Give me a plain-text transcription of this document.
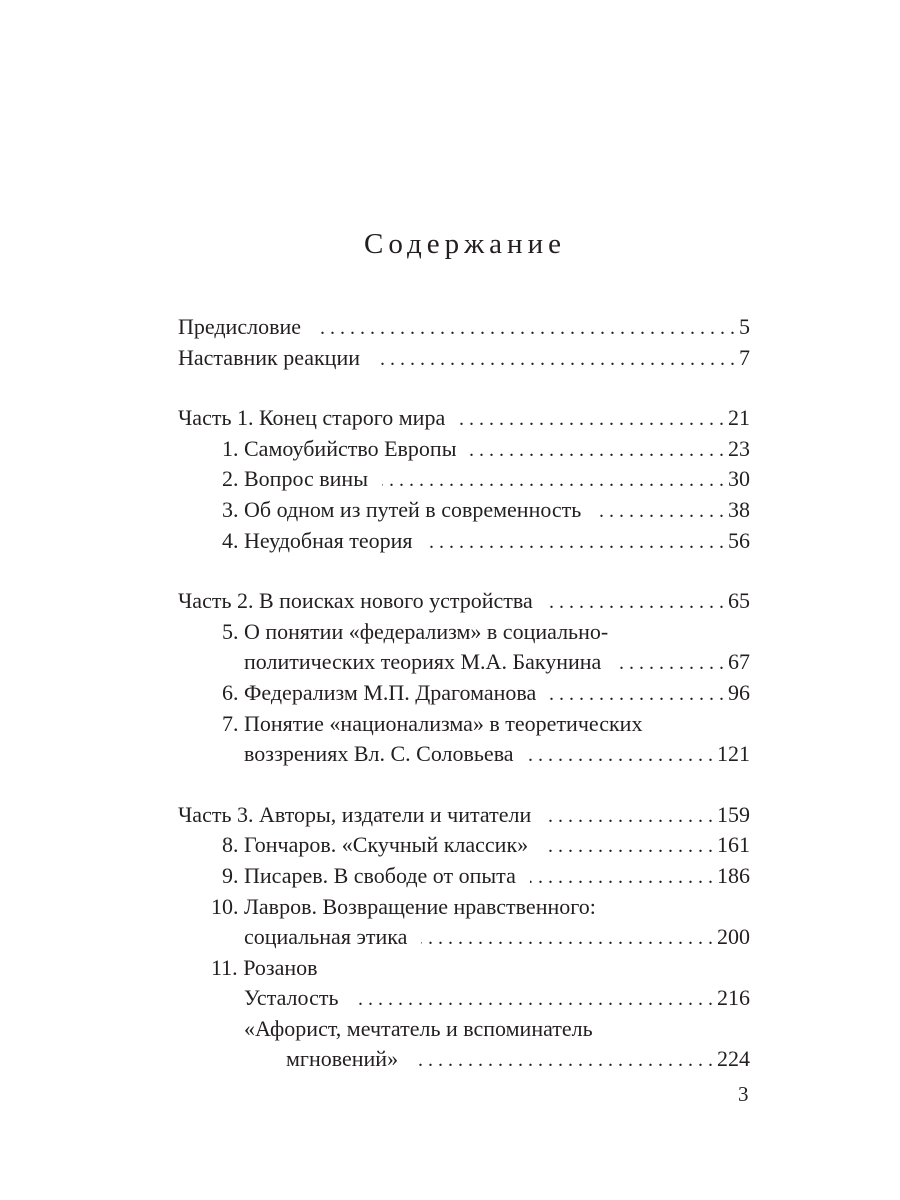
Содержание
Предисловие . . .	5
Наставник реакции . . .	7
Часть 1. Конец старого мира . . .	21
1. Самоубийство Европы . . .	23
2. Вопрос вины . . .	30
3. Об одном из путей в современность . . .	38
4. Неудобная теория . . .	56
Часть 2. В поисках нового устройства . . .	65
5. О понятии «федерализм» в социально-
политических теориях М.А. Бакунина . . .	67
6. Федерализм М.П. Драгоманова . . .	96
7. Понятие «национализма» в теоретических
воззрениях Вл. С. Соловьева . . .	121
Часть 3. Авторы, издатели и читатели . . .	159
8. Гончаров. «Скучный классик» . . .	161
9. Писарев. В свободе от опыта . . .	186
10. Лавров. Возвращение нравственного:
социальная этика . . .	200
11. Розанов
Усталость . . .	216
«Афорист, мечтатель и вспоминатель
мгновений» . . .	224
3
